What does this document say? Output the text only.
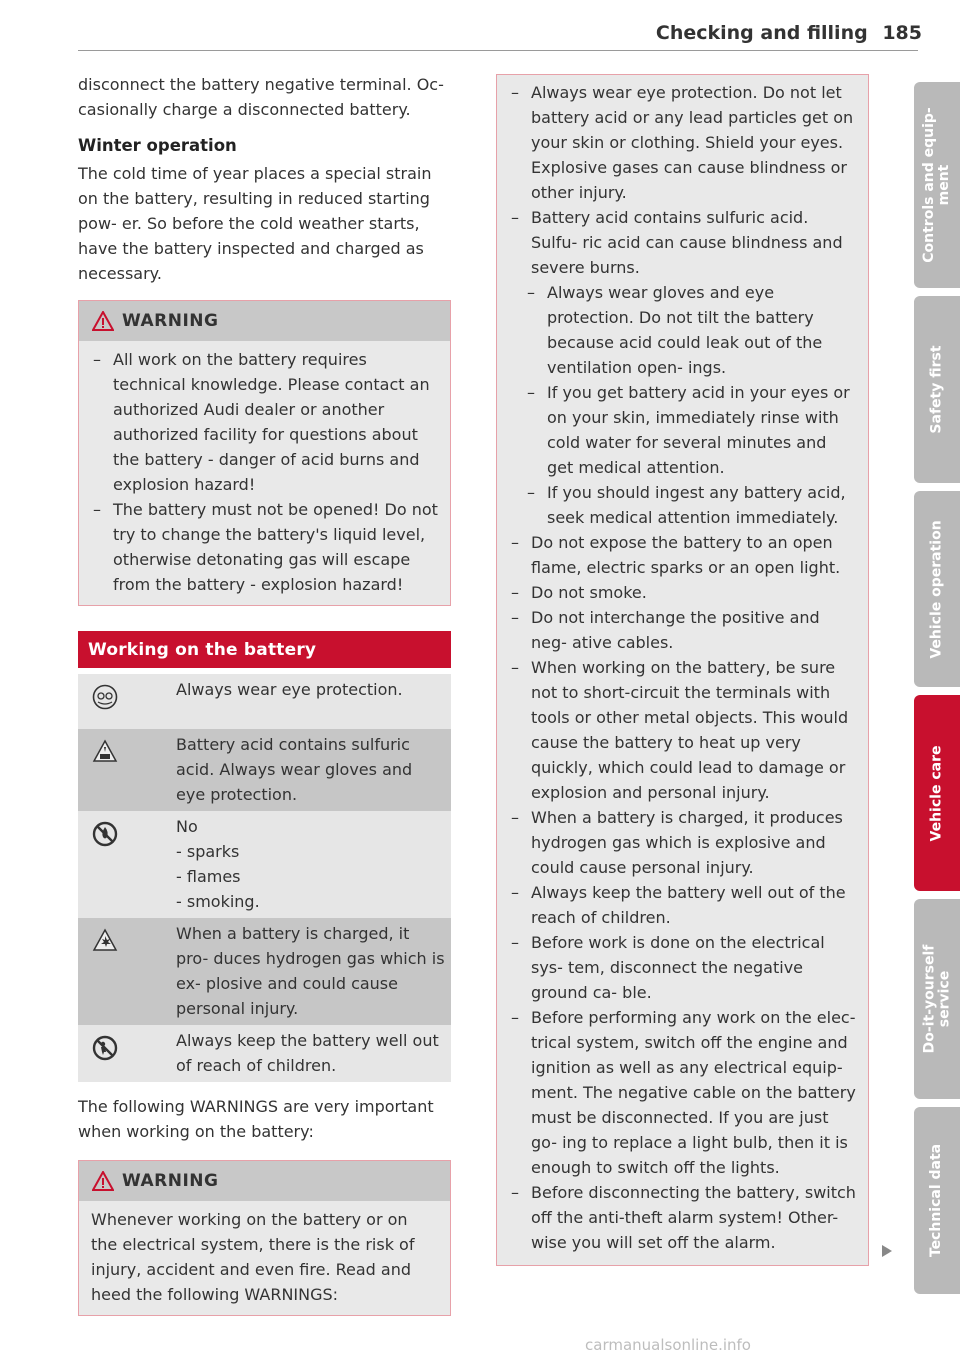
Checking and filling 185

disconnect the battery negative terminal. Oc- casionally charge a disconnected battery.

Winter operation

The cold time of year places a special strain on the battery, resulting in reduced starting pow- er. So before the cold weather starts, have the battery inspected and charged as necessary.

WARNING
– All work on the battery requires technical knowledge. Please contact an authorized Audi dealer or another authorized facility for questions about the battery - danger of acid burns and explosion hazard!
– The battery must not be opened! Do not try to change the battery's liquid level, otherwise detonating gas will escape from the battery - explosion hazard!
Working on the battery
Always wear eye protection.
Battery acid contains sulfuric acid. Always wear gloves and eye protection.
No
- sparks
- flames
- smoking.
When a battery is charged, it pro- duces hydrogen gas which is ex- plosive and could cause personal injury.
Always keep the battery well out of reach of children.

The following WARNINGS are very important when working on the battery:

WARNING

Whenever working on the battery or on the electrical system, there is the risk of injury, accident and even fire. Read and heed the following WARNINGS:

– Always wear eye protection. Do not let battery acid or any lead particles get on your skin or clothing. Shield your eyes. Explosive gases can cause blindness or other injury.
– Battery acid contains sulfuric acid. Sulfu- ric acid can cause blindness and severe burns.
– Always wear gloves and eye protection. Do not tilt the battery because acid could leak out of the ventilation open- ings.
– If you get battery acid in your eyes or on your skin, immediately rinse with cold water for several minutes and get medical attention.
– If you should ingest any battery acid, seek medical attention immediately.
– Do not expose the battery to an open flame, electric sparks or an open light.
– Do not smoke.
– Do not interchange the positive and neg- ative cables.
– When working on the battery, be sure not to short-circuit the terminals with tools or other metal objects. This would cause the battery to heat up very quickly, which could lead to damage or explosion and personal injury.
– When a battery is charged, it produces hydrogen gas which is explosive and could cause personal injury.
– Always keep the battery well out of the reach of children.
– Before work is done on the electrical sys- tem, disconnect the negative ground ca- ble.
– Before performing any work on the elec- trical system, switch off the engine and ignition as well as any electrical equip- ment. The negative cable on the battery must be disconnected. If you are just go- ing to replace a light bulb, then it is enough to switch off the lights.
– Before disconnecting the battery, switch off the anti-theft alarm system! Other- wise you will set off the alarm.
Controls and equip-
ment
Safety first
Vehicle operation
Vehicle care
Do-it-yourself
service
Technical data
carmanualsonline.info
